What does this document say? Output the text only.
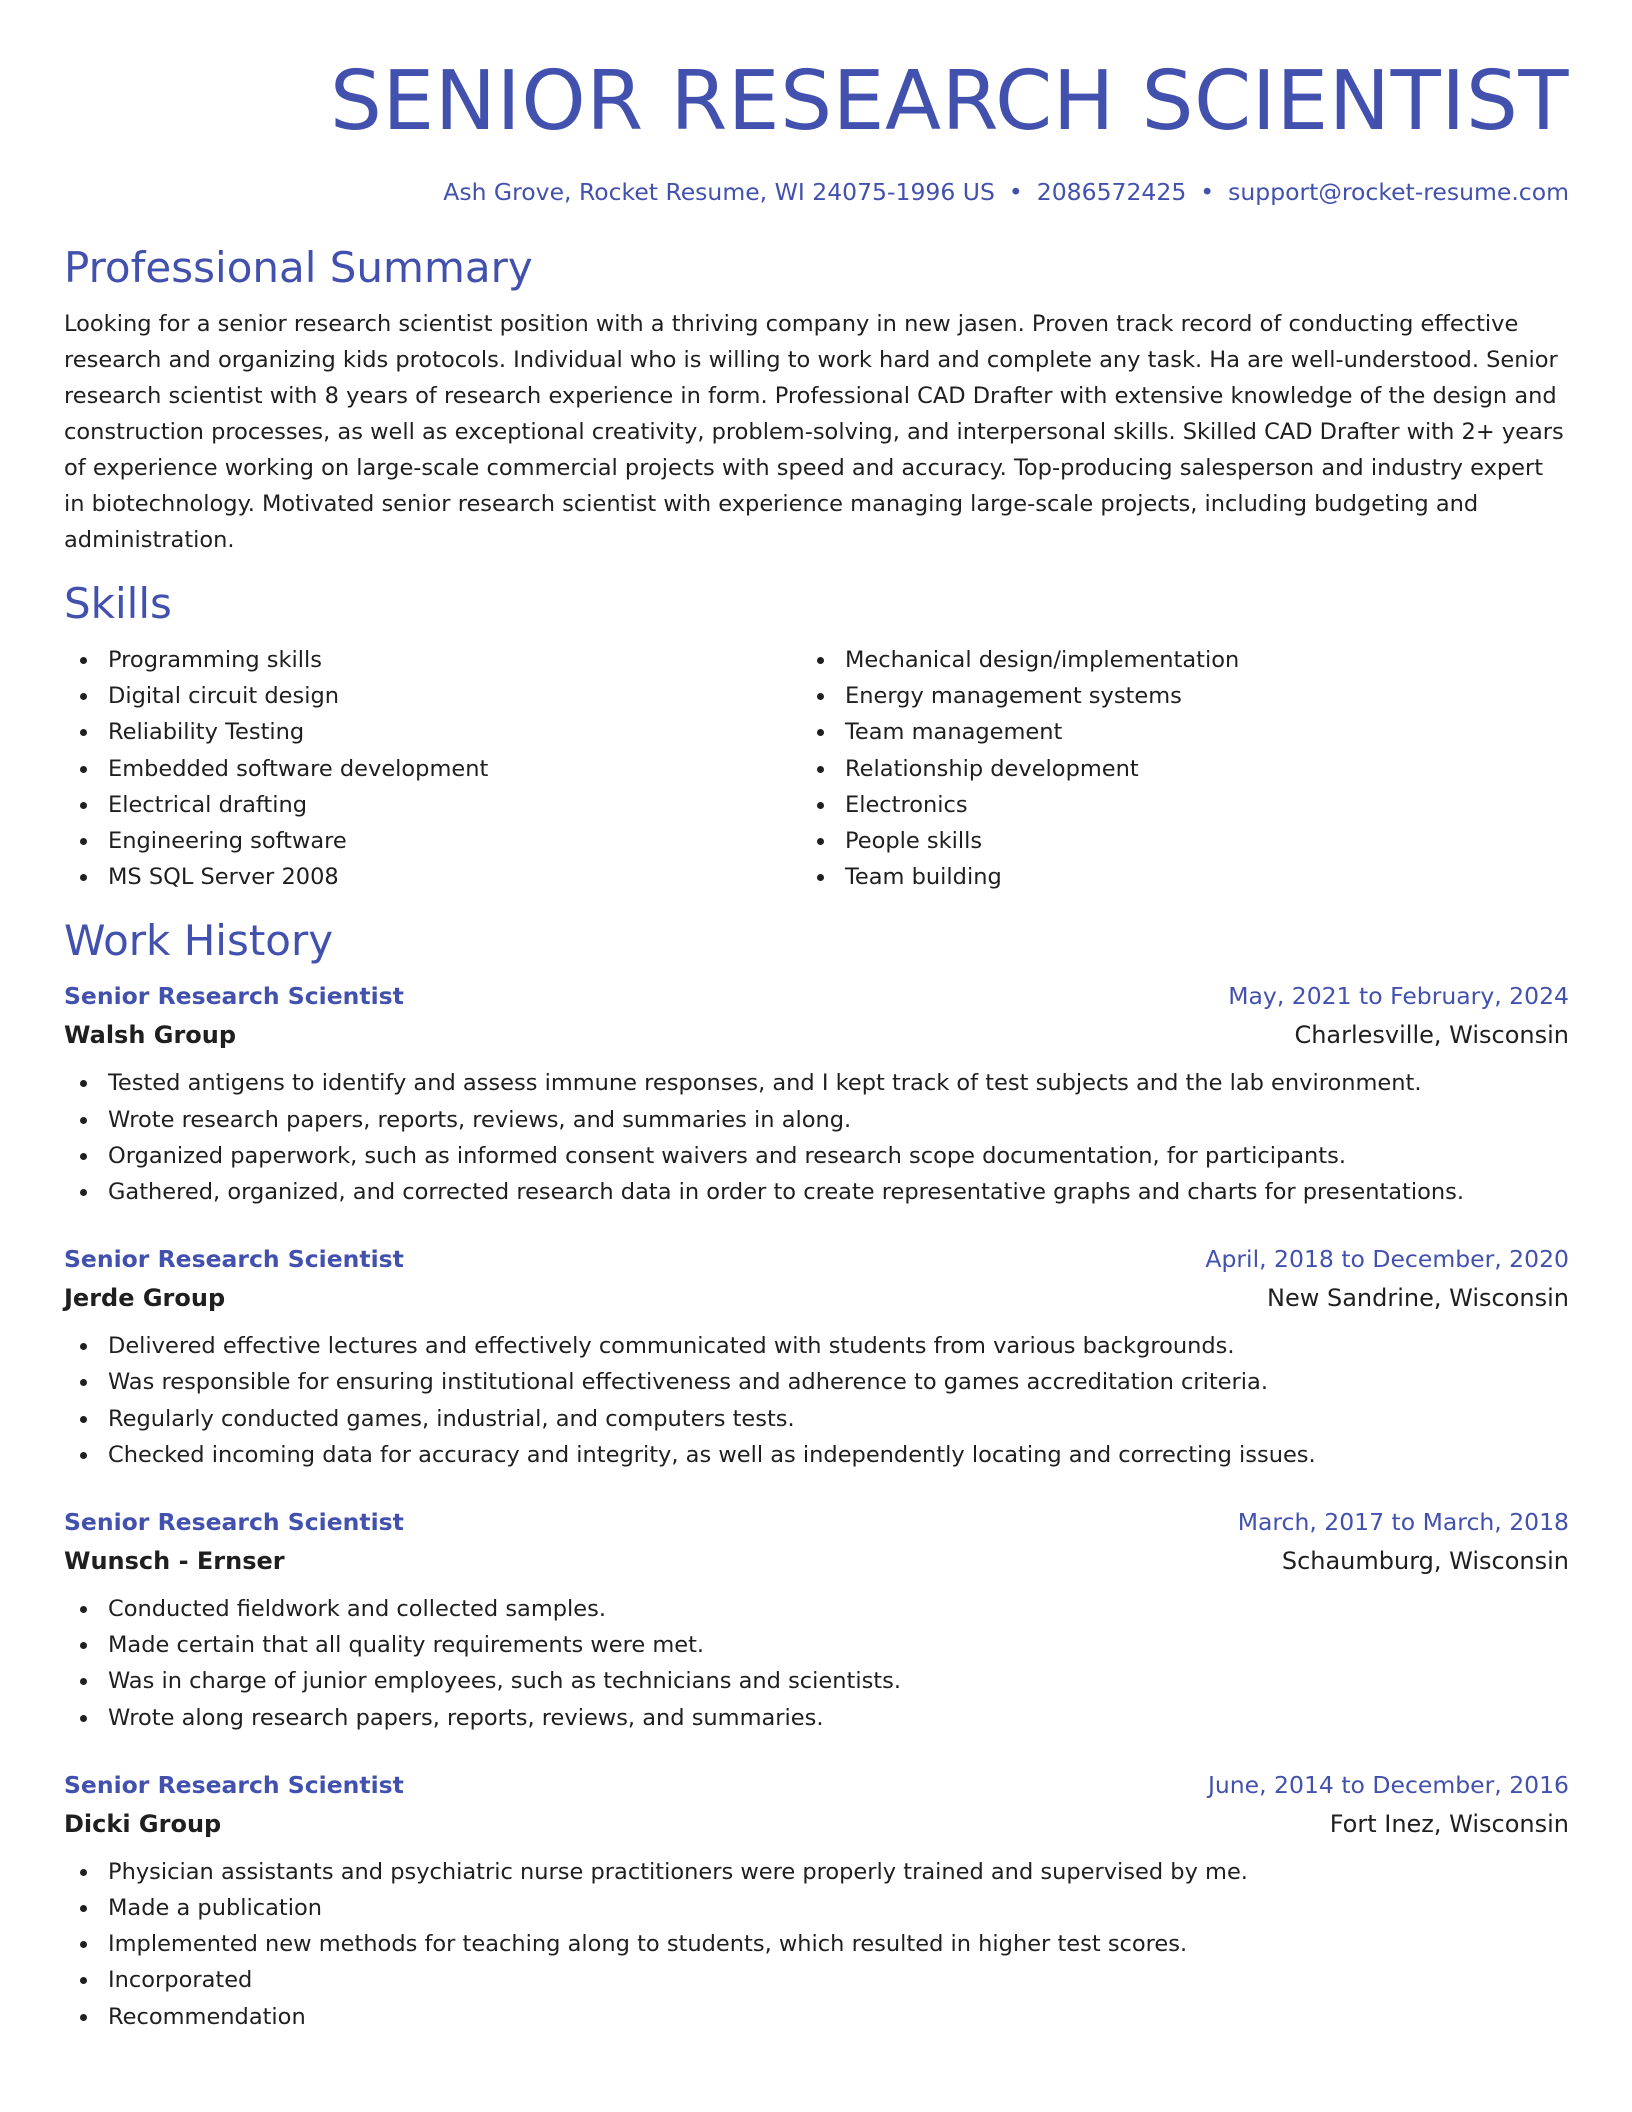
SENIOR RESEARCH SCIENTIST
Ash Grove, Rocket Resume, WI 24075-1996 US • 2086572425 • support@rocket-resume.com
Professional Summary

Looking for a senior research scientist position with a thriving company in new jasen. Proven track record of conducting effective research and organizing kids protocols. Individual who is willing to work hard and complete any task. Ha are well-understood. Senior research scientist with 8 years of research experience in form. Professional CAD Drafter with extensive knowledge of the design and construction processes, as well as exceptional creativity, problem-solving, and interpersonal skills. Skilled CAD Drafter with 2+ years of experience working on large-scale commercial projects with speed and accuracy. Top-producing salesperson and industry expert in biotechnology. Motivated senior research scientist with experience managing large-scale projects, including budgeting and administration.

Skills
Programming skills
Digital circuit design
Reliability Testing
Embedded software development
Electrical drafting
Engineering software
MS SQL Server 2008
Mechanical design/implementation
Energy management systems
Team management
Relationship development
Electronics
People skills
Team building
Work History
Senior Research Scientist	May, 2021 to February, 2024
Walsh Group	Charlesville, Wisconsin
Tested antigens to identify and assess immune responses, and I kept track of test subjects and the lab environment.
Wrote research papers, reports, reviews, and summaries in along.
Organized paperwork, such as informed consent waivers and research scope documentation, for participants.
Gathered, organized, and corrected research data in order to create representative graphs and charts for presentations.
Senior Research Scientist	April, 2018 to December, 2020
Jerde Group	New Sandrine, Wisconsin
Delivered effective lectures and effectively communicated with students from various backgrounds.
Was responsible for ensuring institutional effectiveness and adherence to games accreditation criteria.
Regularly conducted games, industrial, and computers tests.
Checked incoming data for accuracy and integrity, as well as independently locating and correcting issues.
Senior Research Scientist	March, 2017 to March, 2018
Wunsch - Ernser	Schaumburg, Wisconsin
Conducted fieldwork and collected samples.
Made certain that all quality requirements were met.
Was in charge of junior employees, such as technicians and scientists.
Wrote along research papers, reports, reviews, and summaries.
Senior Research Scientist	June, 2014 to December, 2016
Dicki Group	Fort Inez, Wisconsin
Physician assistants and psychiatric nurse practitioners were properly trained and supervised by me.
Made a publication
Implemented new methods for teaching along to students, which resulted in higher test scores.
Incorporated
Recommendation
